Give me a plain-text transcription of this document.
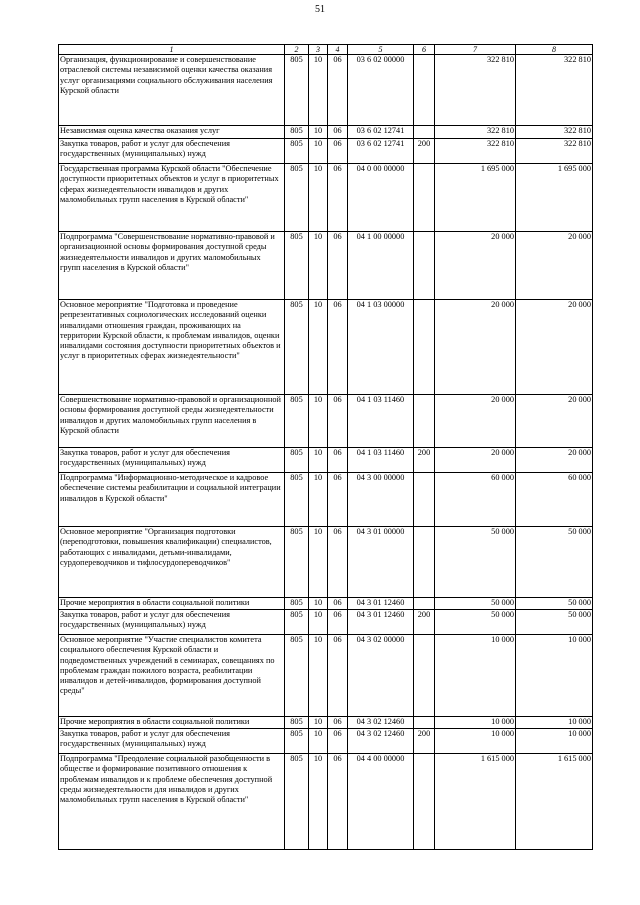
51
1	2	3	4	5	6	7	8
Организация, функционирование и совершенствование отраслевой системы независимой оценки качества оказания услуг организациями социального обслуживания населения Курской области	805	10	06	03 6 02 00000		322 810	322 810
Независимая оценка качества оказания услуг	805	10	06	03 6 02 12741		322 810	322 810
Закупка товаров, работ и услуг для обеспечения государственных (муниципальных) нужд	805	10	06	03 6 02 12741	200	322 810	322 810
Государственная программа Курской области "Обеспечение доступности приоритетных объектов и услуг в приоритетных сферах жизнедеятельности инвалидов и других маломобильных групп населения в Курской области"	805	10	06	04 0 00 00000		1 695 000	1 695 000
Подпрограмма "Совершенствование нормативно-правовой и организационной основы формирования доступной среды жизнедеятельности инвалидов и других маломобильных групп населения в Курской области"	805	10	06	04 1 00 00000		20 000	20 000
Основное мероприятие "Подготовка и проведение репрезентативных социологических исследований оценки инвалидами отношения граждан, проживающих на территории Курской области, к проблемам инвалидов, оценки инвалидами состояния доступности приоритетных объектов и услуг в приоритетных сферах жизнедеятельности"	805	10	06	04 1 03 00000		20 000	20 000
Совершенствование нормативно-правовой и организационной основы формирования доступной среды жизнедеятельности инвалидов и других маломобильных групп населения в Курской области	805	10	06	04 1 03 11460		20 000	20 000
Закупка товаров, работ и услуг для обеспечения государственных (муниципальных) нужд	805	10	06	04 1 03 11460	200	20 000	20 000
Подпрограмма "Информационно-методическое и кадровое обеспечение системы реабилитации и социальной интеграции инвалидов в Курской области"	805	10	06	04 3 00 00000		60 000	60 000
Основное мероприятие "Организация подготовки (переподготовки, повышения квалификации) специалистов, работающих с инвалидами, детьми-инвалидами, сурдопереводчиков и тифлосурдопереводчиков"	805	10	06	04 3 01 00000		50 000	50 000
Прочие мероприятия в области социальной политики	805	10	06	04 3 01 12460		50 000	50 000
Закупка товаров, работ и услуг для обеспечения государственных (муниципальных) нужд	805	10	06	04 3 01 12460	200	50 000	50 000
Основное мероприятие "Участие специалистов комитета социального обеспечения Курской области и подведомственных учреждений в семинарах, совещаниях по проблемам граждан пожилого возраста, реабилитации инвалидов и детей-инвалидов, формирования доступной среды"	805	10	06	04 3 02 00000		10 000	10 000
Прочие мероприятия в области социальной политики	805	10	06	04 3 02 12460		10 000	10 000
Закупка товаров, работ и услуг для обеспечения государственных (муниципальных) нужд	805	10	06	04 3 02 12460	200	10 000	10 000
Подпрограмма "Преодоление социальной разобщенности в обществе и формирование позитивного отношения к проблемам инвалидов и к проблеме обеспечения доступной среды жизнедеятельности для инвалидов и других маломобильных групп населения в Курской области"	805	10	06	04 4 00 00000		1 615 000	1 615 000
